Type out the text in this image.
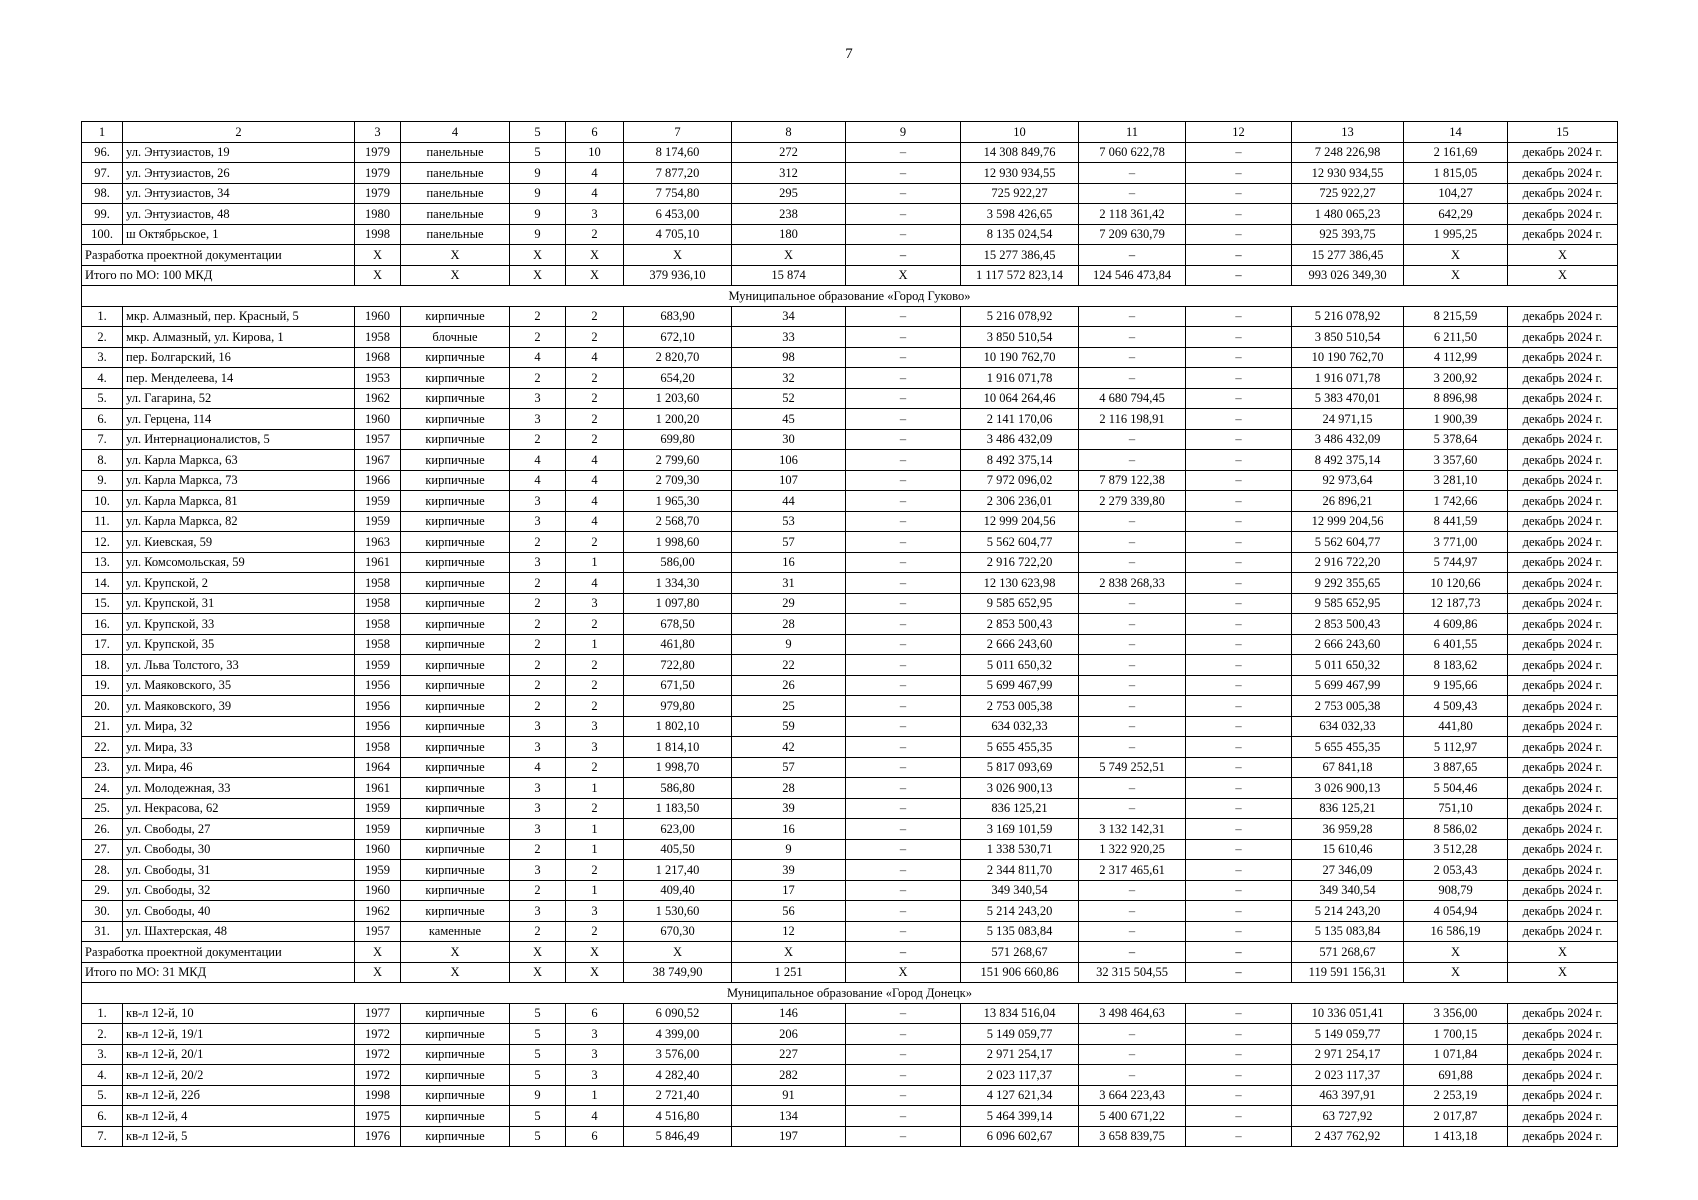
7
1	2	3	4	5	6	7	8	9	10	11	12	13	14	15
96.	ул. Энтузиастов, 19	1979	панельные	5	10	8 174,60	272	–	14 308 849,76	7 060 622,78	–	7 248 226,98	2 161,69	декабрь 2024 г.
97.	ул. Энтузиастов, 26	1979	панельные	9	4	7 877,20	312	–	12 930 934,55	–	–	12 930 934,55	1 815,05	декабрь 2024 г.
98.	ул. Энтузиастов, 34	1979	панельные	9	4	7 754,80	295	–	725 922,27	–	–	725 922,27	104,27	декабрь 2024 г.
99.	ул. Энтузиастов, 48	1980	панельные	9	3	6 453,00	238	–	3 598 426,65	2 118 361,42	–	1 480 065,23	642,29	декабрь 2024 г.
100.	ш Октябрьское, 1	1998	панельные	9	2	4 705,10	180	–	8 135 024,54	7 209 630,79	–	925 393,75	1 995,25	декабрь 2024 г.
Разработка проектной документации		X	X	X	X	X	X	–	15 277 386,45	–	–	15 277 386,45	X	X
Итого по МО: 100 МКД		X	X	X	X	379 936,10	15 874	X	1 117 572 823,14	124 546 473,84	–	993 026 349,30	X	X
Муниципальное образование «Город Гуково»														
1.	мкр. Алмазный, пер. Красный, 5	1960	кирпичные	2	2	683,90	34	–	5 216 078,92	–	–	5 216 078,92	8 215,59	декабрь 2024 г.
2.	мкр. Алмазный, ул. Кирова, 1	1958	блочные	2	2	672,10	33	–	3 850 510,54	–	–	3 850 510,54	6 211,50	декабрь 2024 г.
3.	пер. Болгарский, 16	1968	кирпичные	4	4	2 820,70	98	–	10 190 762,70	–	–	10 190 762,70	4 112,99	декабрь 2024 г.
4.	пер. Менделеева, 14	1953	кирпичные	2	2	654,20	32	–	1 916 071,78	–	–	1 916 071,78	3 200,92	декабрь 2024 г.
5.	ул. Гагарина, 52	1962	кирпичные	3	2	1 203,60	52	–	10 064 264,46	4 680 794,45	–	5 383 470,01	8 896,98	декабрь 2024 г.
6.	ул. Герцена, 114	1960	кирпичные	3	2	1 200,20	45	–	2 141 170,06	2 116 198,91	–	24 971,15	1 900,39	декабрь 2024 г.
7.	ул. Интернационалистов, 5	1957	кирпичные	2	2	699,80	30	–	3 486 432,09	–	–	3 486 432,09	5 378,64	декабрь 2024 г.
8.	ул. Карла Маркса, 63	1967	кирпичные	4	4	2 799,60	106	–	8 492 375,14	–	–	8 492 375,14	3 357,60	декабрь 2024 г.
9.	ул. Карла Маркса, 73	1966	кирпичные	4	4	2 709,30	107	–	7 972 096,02	7 879 122,38	–	92 973,64	3 281,10	декабрь 2024 г.
10.	ул. Карла Маркса, 81	1959	кирпичные	3	4	1 965,30	44	–	2 306 236,01	2 279 339,80	–	26 896,21	1 742,66	декабрь 2024 г.
11.	ул. Карла Маркса, 82	1959	кирпичные	3	4	2 568,70	53	–	12 999 204,56	–	–	12 999 204,56	8 441,59	декабрь 2024 г.
12.	ул. Киевская, 59	1963	кирпичные	2	2	1 998,60	57	–	5 562 604,77	–	–	5 562 604,77	3 771,00	декабрь 2024 г.
13.	ул. Комсомольская, 59	1961	кирпичные	3	1	586,00	16	–	2 916 722,20	–	–	2 916 722,20	5 744,97	декабрь 2024 г.
14.	ул. Крупской, 2	1958	кирпичные	2	4	1 334,30	31	–	12 130 623,98	2 838 268,33	–	9 292 355,65	10 120,66	декабрь 2024 г.
15.	ул. Крупской, 31	1958	кирпичные	2	3	1 097,80	29	–	9 585 652,95	–	–	9 585 652,95	12 187,73	декабрь 2024 г.
16.	ул. Крупской, 33	1958	кирпичные	2	2	678,50	28	–	2 853 500,43	–	–	2 853 500,43	4 609,86	декабрь 2024 г.
17.	ул. Крупской, 35	1958	кирпичные	2	1	461,80	9	–	2 666 243,60	–	–	2 666 243,60	6 401,55	декабрь 2024 г.
18.	ул. Льва Толстого, 33	1959	кирпичные	2	2	722,80	22	–	5 011 650,32	–	–	5 011 650,32	8 183,62	декабрь 2024 г.
19.	ул. Маяковского, 35	1956	кирпичные	2	2	671,50	26	–	5 699 467,99	–	–	5 699 467,99	9 195,66	декабрь 2024 г.
20.	ул. Маяковского, 39	1956	кирпичные	2	2	979,80	25	–	2 753 005,38	–	–	2 753 005,38	4 509,43	декабрь 2024 г.
21.	ул. Мира, 32	1956	кирпичные	3	3	1 802,10	59	–	634 032,33	–	–	634 032,33	441,80	декабрь 2024 г.
22.	ул. Мира, 33	1958	кирпичные	3	3	1 814,10	42	–	5 655 455,35	–	–	5 655 455,35	5 112,97	декабрь 2024 г.
23.	ул. Мира, 46	1964	кирпичные	4	2	1 998,70	57	–	5 817 093,69	5 749 252,51	–	67 841,18	3 887,65	декабрь 2024 г.
24.	ул. Молодежная, 33	1961	кирпичные	3	1	586,80	28	–	3 026 900,13	–	–	3 026 900,13	5 504,46	декабрь 2024 г.
25.	ул. Некрасова, 62	1959	кирпичные	3	2	1 183,50	39	–	836 125,21	–	–	836 125,21	751,10	декабрь 2024 г.
26.	ул. Свободы, 27	1959	кирпичные	3	1	623,00	16	–	3 169 101,59	3 132 142,31	–	36 959,28	8 586,02	декабрь 2024 г.
27.	ул. Свободы, 30	1960	кирпичные	2	1	405,50	9	–	1 338 530,71	1 322 920,25	–	15 610,46	3 512,28	декабрь 2024 г.
28.	ул. Свободы, 31	1959	кирпичные	3	2	1 217,40	39	–	2 344 811,70	2 317 465,61	–	27 346,09	2 053,43	декабрь 2024 г.
29.	ул. Свободы, 32	1960	кирпичные	2	1	409,40	17	–	349 340,54	–	–	349 340,54	908,79	декабрь 2024 г.
30.	ул. Свободы, 40	1962	кирпичные	3	3	1 530,60	56	–	5 214 243,20	–	–	5 214 243,20	4 054,94	декабрь 2024 г.
31.	ул. Шахтерская, 48	1957	каменные	2	2	670,30	12	–	5 135 083,84	–	–	5 135 083,84	16 586,19	декабрь 2024 г.
Разработка проектной документации		X	X	X	X	X	X	–	571 268,67	–	–	571 268,67	X	X
Итого по МО: 31 МКД		X	X	X	X	38 749,90	1 251	X	151 906 660,86	32 315 504,55	–	119 591 156,31	X	X
Муниципальное образование «Город Донецк»														
1.	кв-л 12-й, 10	1977	кирпичные	5	6	6 090,52	146	–	13 834 516,04	3 498 464,63	–	10 336 051,41	3 356,00	декабрь 2024 г.
2.	кв-л 12-й, 19/1	1972	кирпичные	5	3	4 399,00	206	–	5 149 059,77	–	–	5 149 059,77	1 700,15	декабрь 2024 г.
3.	кв-л 12-й, 20/1	1972	кирпичные	5	3	3 576,00	227	–	2 971 254,17	–	–	2 971 254,17	1 071,84	декабрь 2024 г.
4.	кв-л 12-й, 20/2	1972	кирпичные	5	3	4 282,40	282	–	2 023 117,37	–	–	2 023 117,37	691,88	декабрь 2024 г.
5.	кв-л 12-й, 22б	1998	кирпичные	9	1	2 721,40	91	–	4 127 621,34	3 664 223,43	–	463 397,91	2 253,19	декабрь 2024 г.
6.	кв-л 12-й, 4	1975	кирпичные	5	4	4 516,80	134	–	5 464 399,14	5 400 671,22	–	63 727,92	2 017,87	декабрь 2024 г.
7.	кв-л 12-й, 5	1976	кирпичные	5	6	5 846,49	197	–	6 096 602,67	3 658 839,75	–	2 437 762,92	1 413,18	декабрь 2024 г.
